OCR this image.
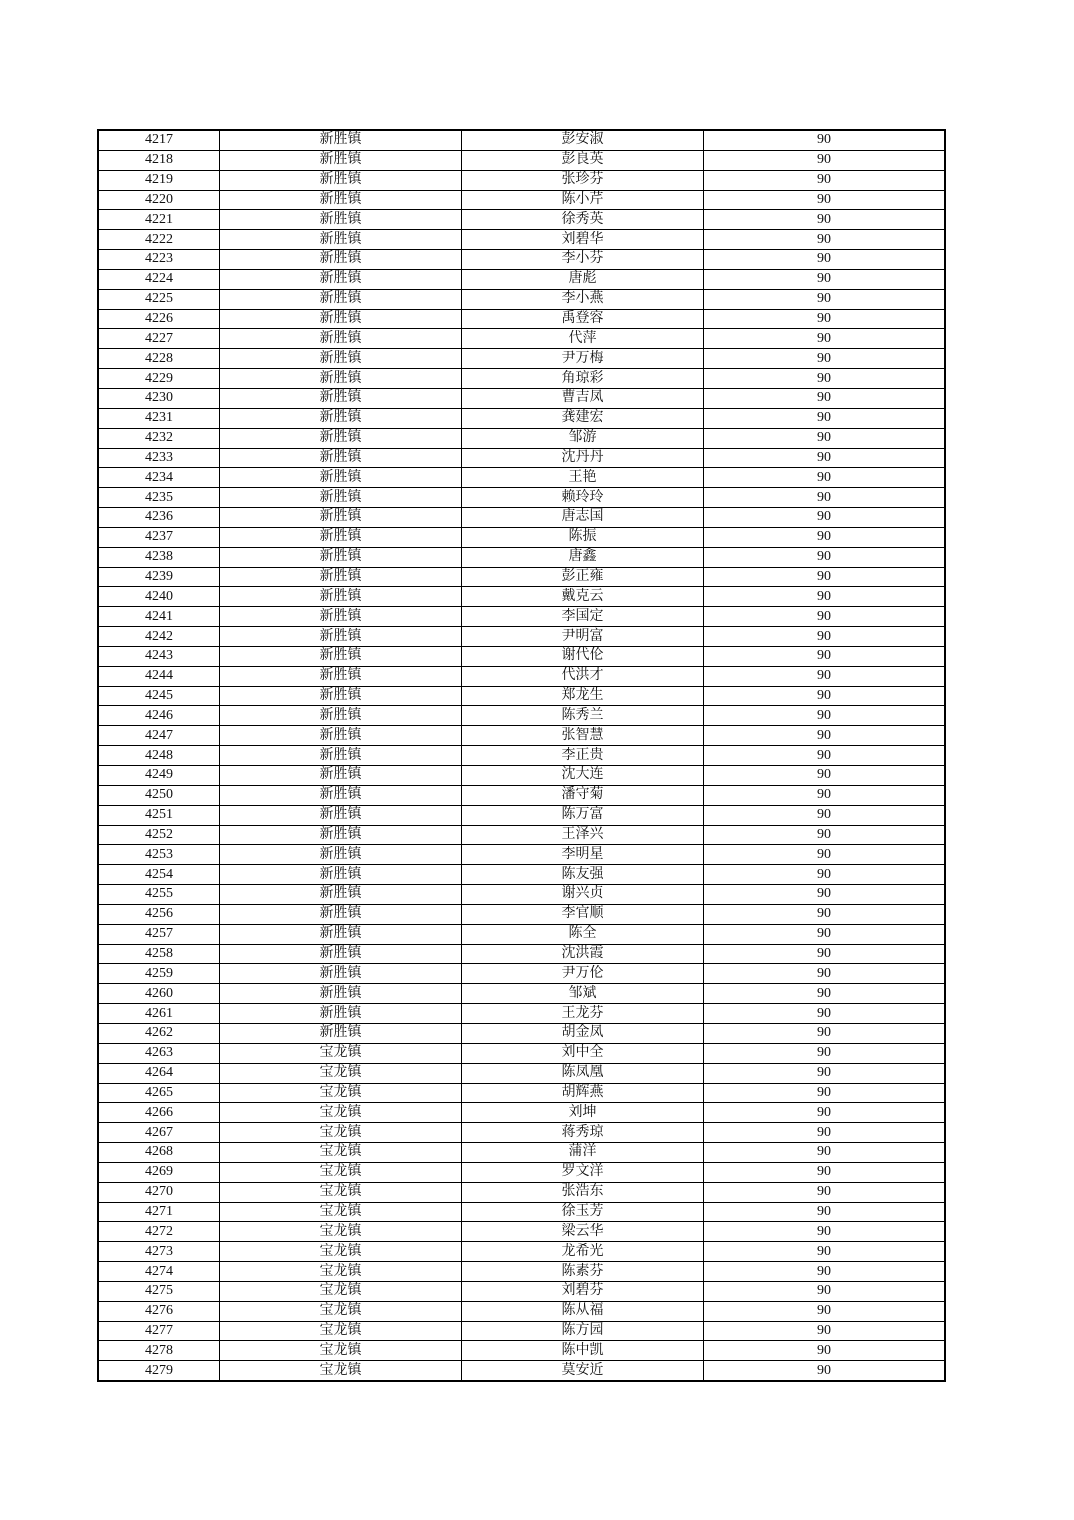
4217	新胜镇	彭安淑	90
4218	新胜镇	彭良英	90
4219	新胜镇	张珍芬	90
4220	新胜镇	陈小芹	90
4221	新胜镇	徐秀英	90
4222	新胜镇	刘碧华	90
4223	新胜镇	李小芬	90
4224	新胜镇	唐彪	90
4225	新胜镇	李小燕	90
4226	新胜镇	禹登容	90
4227	新胜镇	代萍	90
4228	新胜镇	尹万梅	90
4229	新胜镇	角琼彩	90
4230	新胜镇	曹吉凤	90
4231	新胜镇	龚建宏	90
4232	新胜镇	邹游	90
4233	新胜镇	沈丹丹	90
4234	新胜镇	王艳	90
4235	新胜镇	赖玲玲	90
4236	新胜镇	唐志国	90
4237	新胜镇	陈振	90
4238	新胜镇	唐鑫	90
4239	新胜镇	彭正雍	90
4240	新胜镇	戴克云	90
4241	新胜镇	李国定	90
4242	新胜镇	尹明富	90
4243	新胜镇	谢代伦	90
4244	新胜镇	代洪才	90
4245	新胜镇	郑龙生	90
4246	新胜镇	陈秀兰	90
4247	新胜镇	张智慧	90
4248	新胜镇	李正贵	90
4249	新胜镇	沈大连	90
4250	新胜镇	潘守菊	90
4251	新胜镇	陈万富	90
4252	新胜镇	王泽兴	90
4253	新胜镇	李明星	90
4254	新胜镇	陈友强	90
4255	新胜镇	谢兴贞	90
4256	新胜镇	李官顺	90
4257	新胜镇	陈全	90
4258	新胜镇	沈洪霞	90
4259	新胜镇	尹万伦	90
4260	新胜镇	邹斌	90
4261	新胜镇	王龙芬	90
4262	新胜镇	胡金凤	90
4263	宝龙镇	刘中全	90
4264	宝龙镇	陈凤凰	90
4265	宝龙镇	胡辉燕	90
4266	宝龙镇	刘坤	90
4267	宝龙镇	蒋秀琼	90
4268	宝龙镇	蒲洋	90
4269	宝龙镇	罗文洋	90
4270	宝龙镇	张浩东	90
4271	宝龙镇	徐玉芳	90
4272	宝龙镇	梁云华	90
4273	宝龙镇	龙希光	90
4274	宝龙镇	陈素芬	90
4275	宝龙镇	刘碧芬	90
4276	宝龙镇	陈从福	90
4277	宝龙镇	陈方园	90
4278	宝龙镇	陈中凯	90
4279	宝龙镇	莫安近	90
